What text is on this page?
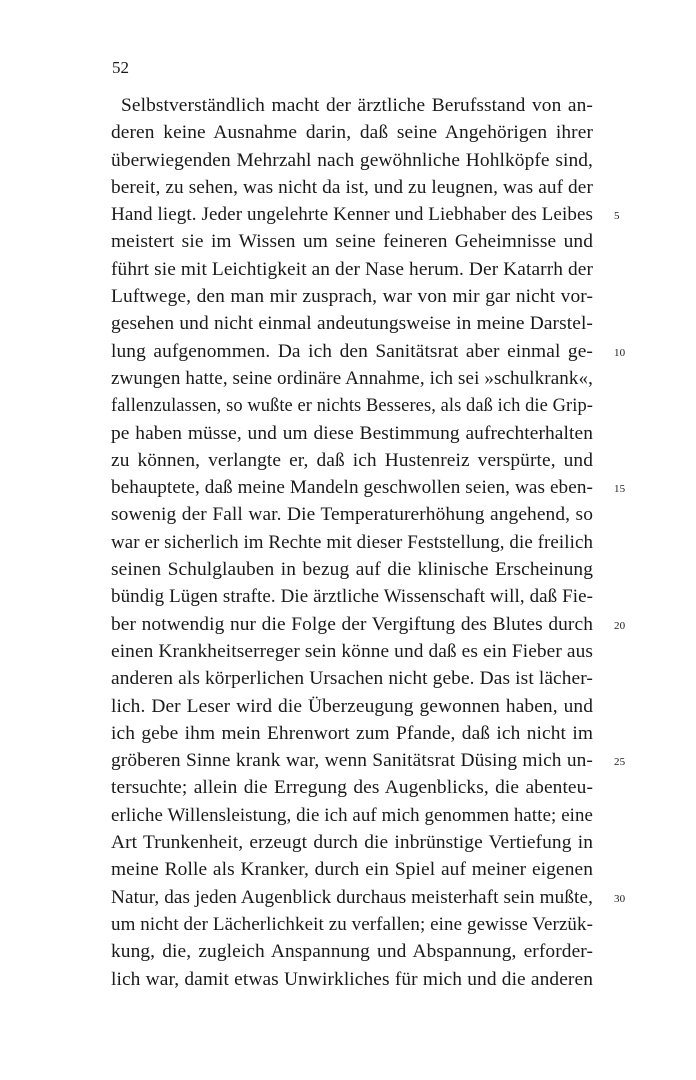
52
Selbstverständlich macht der ärztliche Berufsstand von an-
deren keine Ausnahme darin, daß seine Angehörigen ihrer
überwiegenden Mehrzahl nach gewöhnliche Hohlköpfe sind,
bereit, zu sehen, was nicht da ist, und zu leugnen, was auf der
Hand liegt. Jeder ungelehrte Kenner und Liebhaber des Leibes 5
meistert sie im Wissen um seine feineren Geheimnisse und
führt sie mit Leichtigkeit an der Nase herum. Der Katarrh der
Luftwege, den man mir zusprach, war von mir gar nicht vor-
gesehen und nicht einmal andeutungsweise in meine Darstel-
lung aufgenommen. Da ich den Sanitätsrat aber einmal ge- 10
zwungen hatte, seine ordinäre Annahme, ich sei »schulkrank«,
fallenzulassen, so wußte er nichts Besseres, als daß ich die Grip-
pe haben müsse, und um diese Bestimmung aufrechterhalten
zu können, verlangte er, daß ich Hustenreiz verspürte, und
behauptete, daß meine Mandeln geschwollen seien, was eben- 15
sowenig der Fall war. Die Temperaturerhöhung angehend, so
war er sicherlich im Rechte mit dieser Feststellung, die freilich
seinen Schulglauben in bezug auf die klinische Erscheinung
bündig Lügen strafte. Die ärztliche Wissenschaft will, daß Fie-
ber notwendig nur die Folge der Vergiftung des Blutes durch 20
einen Krankheitserreger sein könne und daß es ein Fieber aus
anderen als körperlichen Ursachen nicht gebe. Das ist lächer-
lich. Der Leser wird die Überzeugung gewonnen haben, und
ich gebe ihm mein Ehrenwort zum Pfande, daß ich nicht im
gröberen Sinne krank war, wenn Sanitätsrat Düsing mich un- 25
tersuchte; allein die Erregung des Augenblicks, die abenteu-
erliche Willensleistung, die ich auf mich genommen hatte; eine
Art Trunkenheit, erzeugt durch die inbrünstige Vertiefung in
meine Rolle als Kranker, durch ein Spiel auf meiner eigenen
Natur, das jeden Augenblick durchaus meisterhaft sein mußte, 30
um nicht der Lächerlichkeit zu verfallen; eine gewisse Verzük-
kung, die, zugleich Anspannung und Abspannung, erforder-
lich war, damit etwas Unwirkliches für mich und die anderen
